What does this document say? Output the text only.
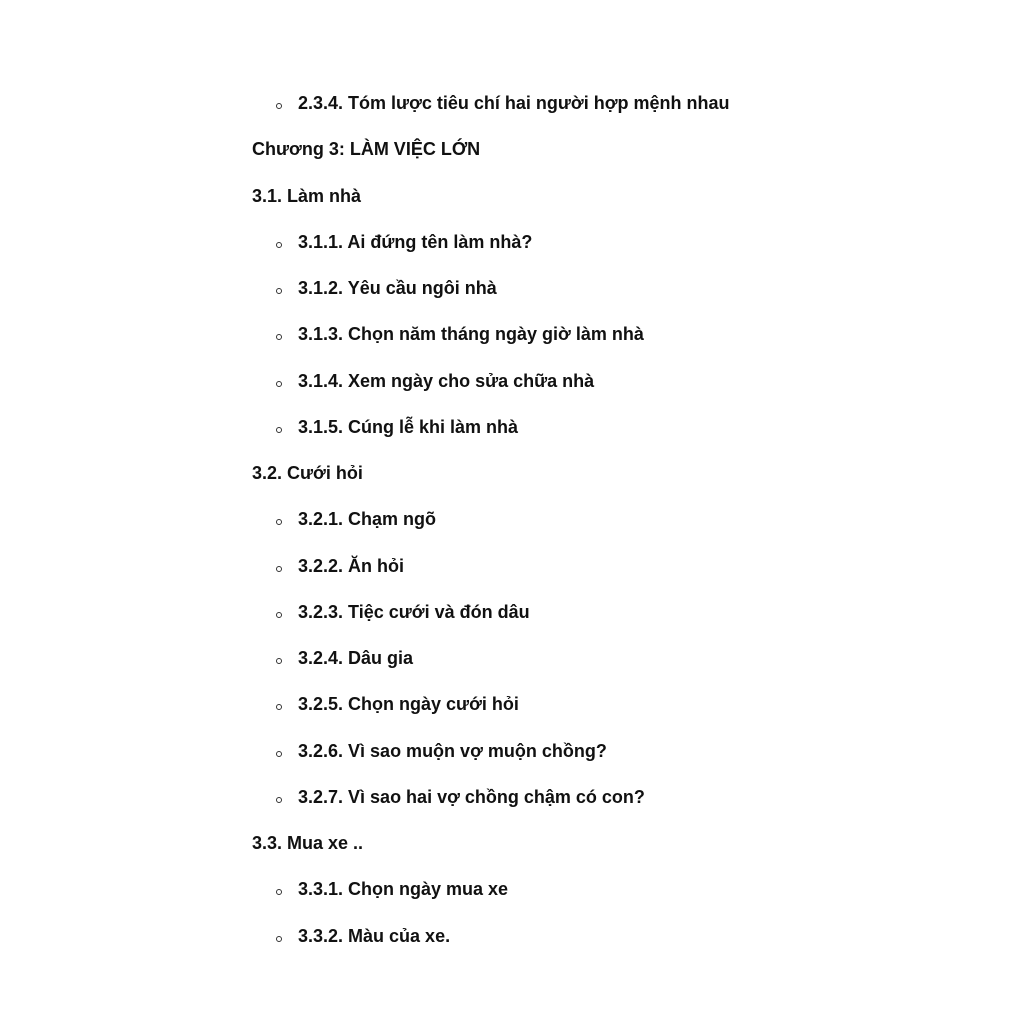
2.3.4. Tóm lược tiêu chí hai người hợp mệnh nhau
Chương 3: LÀM VIỆC LỚN
3.1. Làm nhà
3.1.1. Ai đứng tên làm nhà?
3.1.2. Yêu cầu ngôi nhà
3.1.3. Chọn năm tháng ngày giờ làm nhà
3.1.4. Xem ngày cho sửa chữa nhà
3.1.5. Cúng lễ khi làm nhà
3.2. Cưới hỏi
3.2.1. Chạm ngõ
3.2.2. Ăn hỏi
3.2.3. Tiệc cưới và đón dâu
3.2.4. Dâu gia
3.2.5. Chọn ngày cưới hỏi
3.2.6. Vì sao muộn vợ muộn chồng?
3.2.7. Vì sao hai vợ chồng chậm có con?
3.3. Mua xe ..
3.3.1. Chọn ngày mua xe
3.3.2. Màu của xe.
